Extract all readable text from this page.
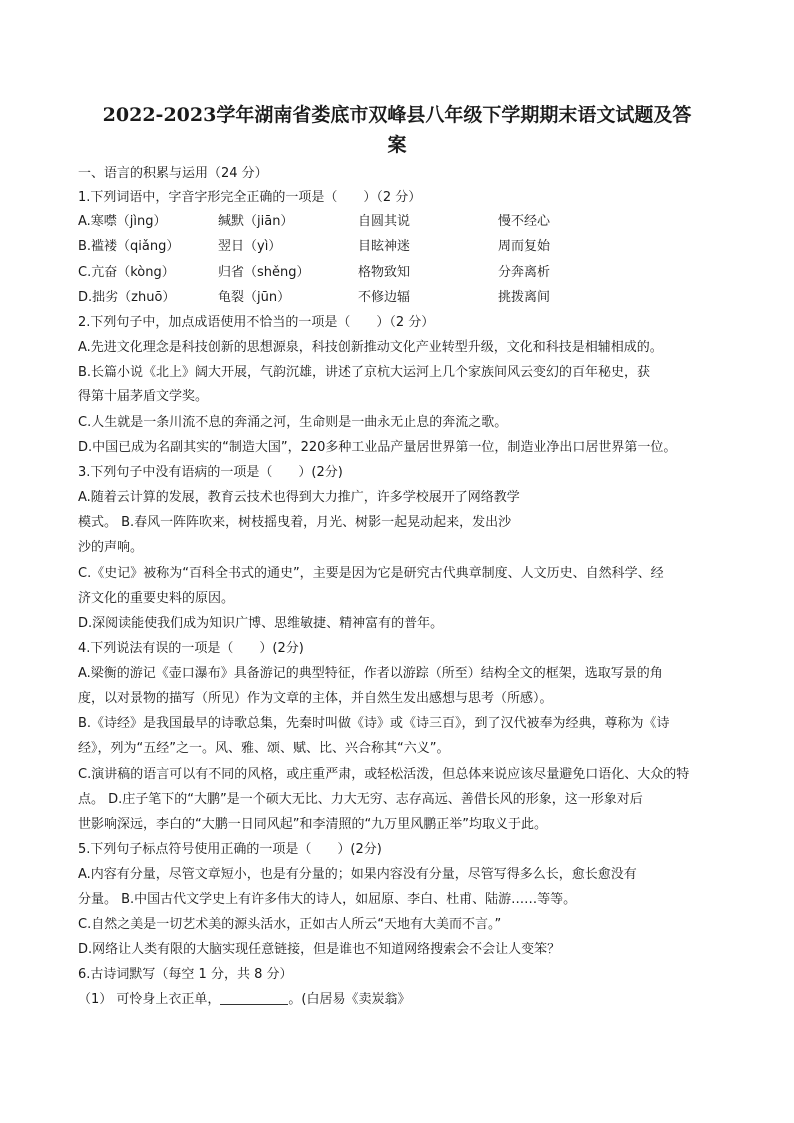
2022-2023学年湖南省娄底市双峰县八年级下学期期末语文试题及答
案
一、语言的积累与运用（24 分）
1.下列词语中，字音字形完全正确的一项是（　　）（2 分）
A.寒噤（jìng）	缄默（jiān）	自圆其说	慢不经心
B.褴褛（qiǎng）	翌日（yì）	目眩神迷	周而复始
C.亢奋（kòng）	归省（shěng）	格物致知	分奔离析
D.拙劣（zhuō）	龟裂（jūn）	不修边辐	挑拨离间
2.下列句子中，加点成语使用不恰当的一项是（　　）（2 分）
A.先进文化理念是科技创新的思想源泉，科技创新推动文化产业转型升级，文化和科技是相辅相成的。
B.长篇小说《北上》阔大开展，气韵沉雄，讲述了京杭大运河上几个家族间风云变幻的百年秘史，获
得第十届茅盾文学奖。
C.人生就是一条川流不息的奔涌之河，生命则是一曲永无止息的奔流之歌。
D.中国已成为名副其实的“制造大国”，220多种工业品产量居世界第一位，制造业净出口居世界第一位。
3.下列句子中没有语病的一项是（　　）(2分)
A.随着云计算的发展，教育云技术也得到大力推广，许多学校展开了网络教学
模式。 B.春风一阵阵吹来，树枝摇曳着，月光、树影一起晃动起来，发出沙
沙的声响。
C.《史记》被称为“百科全书式的通史”，主要是因为它是研究古代典章制度、人文历史、自然科学、经
济文化的重要史料的原因。
D.深阅读能使我们成为知识广博、思维敏捷、精神富有的普年。
4.下列说法有误的一项是（　　）(2分)
A.梁衡的游记《壶口瀑布》具备游记的典型特征，作者以游踪（所至）结构全文的框架，选取写景的角
度，以对景物的描写（所见）作为文章的主体，并自然生发出感想与思考（所感）。
B.《诗经》是我国最早的诗歌总集，先秦时叫做《诗》或《诗三百》，到了汉代被奉为经典，尊称为《诗
经》，列为“五经”之一。风、雅、颂、赋、比、兴合称其“六义”。
C.演讲稿的语言可以有不同的风格，或庄重严肃，或轻松活泼，但总体来说应该尽量避免口语化、大众的特
点。 D.庄子笔下的“大鹏”是一个硕大无比、力大无穷、志存高远、善借长风的形象，这一形象对后
世影响深远，李白的“大鹏一日同风起”和李清照的“九万里风鹏正举”均取义于此。
5.下列句子标点符号使用正确的一项是（　　）(2分)
A.内容有分量，尽管文章短小，也是有分量的；如果内容没有分量，尽管写得多么长，愈长愈没有
分量。 B.中国古代文学史上有许多伟大的诗人，如屈原、李白、杜甫、陆游……等等。
C.自然之美是一切艺术美的源头活水，正如古人所云“天地有大美而不言。”
D.网络让人类有限的大脑实现任意链接，但是谁也不知道网络搜索会不会让人变笨？
6.古诗词默写（每空 1 分，共 8 分）
（1） 可怜身上衣正单，	。(白居易《卖炭翁》
